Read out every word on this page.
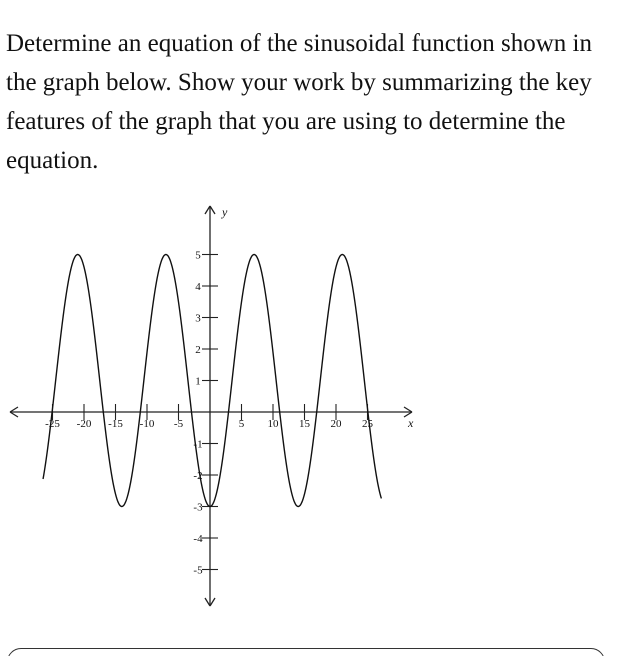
Determine an equation of the sinusoidal function shown in the graph below. Show your work by summarizing the key features of the graph that you are using to determine the equation.

-25 -20 -15 -10 -5	5 10 15 20 25
-5
-4
-3
-2
-1
1
2
3
4
5
x
y
